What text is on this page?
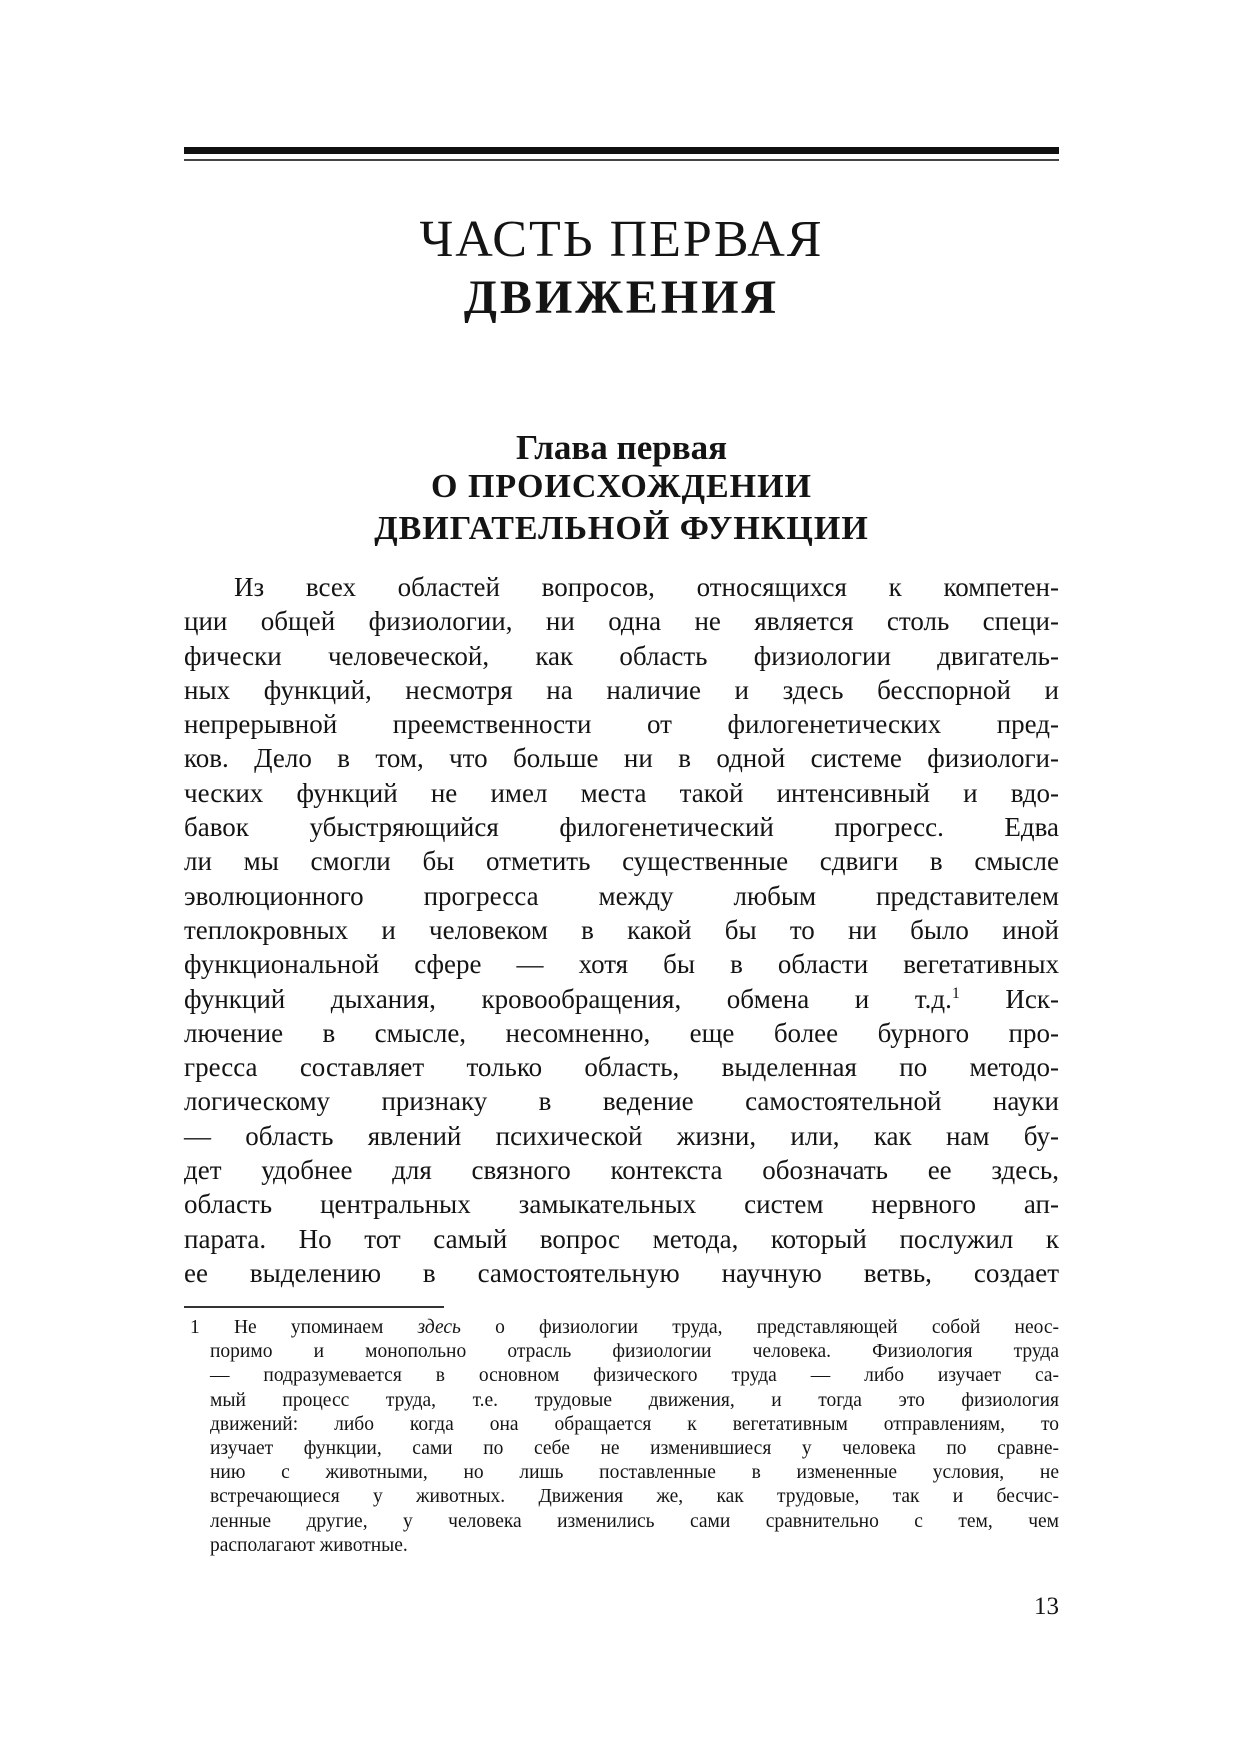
ЧАСТЬ ПЕРВАЯ
ДВИЖЕНИЯ
Глава первая
О ПРОИСХОЖДЕНИИ
ДВИГАТЕЛЬНОЙ ФУНКЦИИ
Из всех областей вопросов, относящихся к компетен-
ции общей физиологии, ни одна не является столь специ-
фически человеческой, как область физиологии двигатель-
ных функций, несмотря на наличие и здесь бесспорной и
непрерывной преемственности от филогенетических пред-
ков. Дело в том, что больше ни в одной системе физиологи-
ческих функций не имел места такой интенсивный и вдо-
бавок убыстряющийся филогенетический прогресс. Едва
ли мы смогли бы отметить существенные сдвиги в смысле
эволюционного прогресса между любым представителем
теплокровных и человеком в какой бы то ни было иной
функциональной сфере — хотя бы в области вегетативных
функций дыхания, кровообращения, обмена и т.д.$^1$ Иск-
лючение в смысле, несомненно, еще более бурного про-
гресса составляет только область, выделенная по методо-
логическому признаку в ведение самостоятельной науки
— область явлений психической жизни, или, как нам бу-
дет удобнее для связного контекста обозначать ее здесь,
область центральных замыкательных систем нервного ап-
парата. Но тот самый вопрос метода, который послужил к
ее выделению в самостоятельную научную ветвь, создает
1 Не упоминаем здесь о физиологии труда, представляющей собой неос-
поримо и монопольно отрасль физиологии человека. Физиология труда
— подразумевается в основном физического труда — либо изучает са-
мый процесс труда, т.е. трудовые движения, и тогда это физиология
движений: либо когда она обращается к вегетативным отправлениям, то
изучает функции, сами по себе не изменившиеся у человека по сравне-
нию с животными, но лишь поставленные в измененные условия, не
встречающиеся у животных. Движения же, как трудовые, так и бесчис-
ленные другие, у человека изменились сами сравнительно с тем, чем
располагают животные.

13
